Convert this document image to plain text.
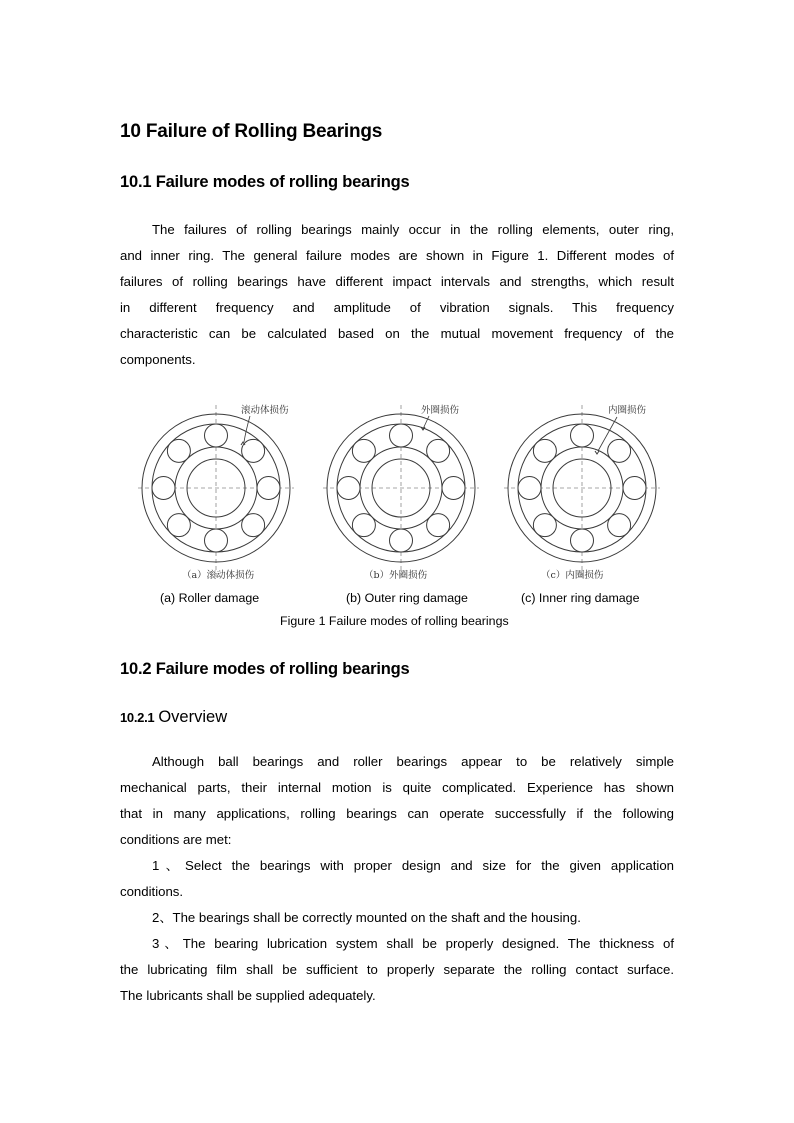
10 Failure of Rolling Bearings
10.1 Failure modes of rolling bearings
The failures of rolling bearings mainly occur in the rolling elements, outer ring,
and inner ring. The general failure modes are shown in Figure 1. Different modes of
failures of rolling bearings have different impact intervals and strengths, which result
in different frequency and amplitude of vibration signals. This frequency
characteristic can be calculated based on the mutual movement frequency of the
components.
滚动体损伤	外圈损伤	内圈损伤
（a）滚动体损伤	（b）外圈损伤	（c）内圈损伤
(a) Roller damage	(b) Outer ring damage	(c) Inner ring damage
Figure 1 Failure modes of rolling bearings
10.2 Failure modes of rolling bearings
10.2.1 Overview
Although ball bearings and roller bearings appear to be relatively simple
mechanical parts, their internal motion is quite complicated. Experience has shown
that in many applications, rolling bearings can operate successfully if the following
conditions are met:
1、Select the bearings with proper design and size for the given application
conditions.
2、The bearings shall be correctly mounted on the shaft and the housing.
3、The bearing lubrication system shall be properly designed. The thickness of
the lubricating film shall be sufficient to properly separate the rolling contact surface.
The lubricants shall be supplied adequately.
